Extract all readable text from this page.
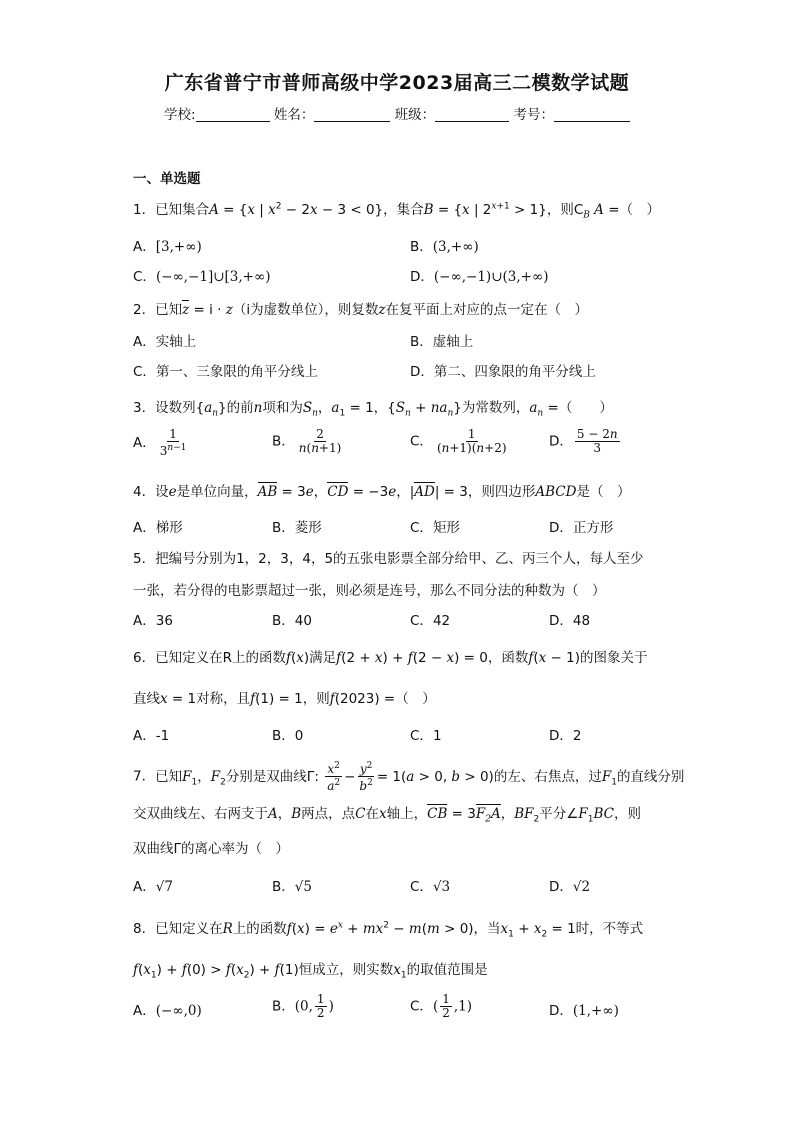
广东省普宁市普师高级中学2023届高三二模数学试题
学校:	姓名：	班级：	考号：
一、单选题
1．已知集合A = {x | $x^2 - 2x - 3 < 0$}，集合B = {x | $2^{x+1} > 1$}，则$C_B$ A =（　）
A．[3,+∞)	B．(3,+∞)
C．(−∞,−1]∪[3,+∞)	D．(−∞,−1)∪(3,+∞)
2．已知z = i · z（i为虚数单位），则复数z在复平面上对应的点一定在（　）
A．实轴上	B．虚轴上
C．第一、三象限的角平分线上	D．第二、四象限的角平分线上
3．设数列$\{a_n\}$的前n项和为$S_n$，$a_1 = 1$，$\{S_n + na_n\}$为常数列，$a_n$ =（　　）
A． $\frac{1}{3^{n-1}}$	B． $\frac{2}{n(n+1)}$	C． $\frac{1}{(n+1)(n+2)}$	D． $\frac{5 - 2n}{3}$
4．设e是单位向量，AB = 3e，CD = −3e，|AD| = 3，则四边形ABCD是（　）
A．梯形	B．菱形	C．矩形	D．正方形
5．把编号分别为1，2，3，4，5的五张电影票全部分给甲、乙、丙三个人，每人至少
一张，若分得的电影票超过一张，则必须是连号，那么不同分法的种数为（　）
A．36	B．40	C．42	D．48
6．已知定义在R上的函数f(x)满足f(2 + x) + f(2 − x) = 0，函数f(x − 1)的图象关于
直线x = 1对称，且f(1) = 1，则f(2023) =（　）
A．-1	B．0	C．1	D．2
7．已知$F_1$，$F_2$分别是双曲线Γ: $\frac{x^2}{a^2} - \frac{y^2}{b^2} = 1(a > 0$, b > 0)的左、右焦点，过$F_1$的直线分别
交双曲线左、右两支于A，B两点，点C在x轴上，CB = $3F_2A$，$BF_2$平分$\angle F_1BC$，则
双曲线Γ的离心率为（　）
A．√7	B．√5	C．√3	D．√2
8．已知定义在R上的函数$f(x) = e^x + mx^2 - m(m > 0)$，当$x_1 + x_2 = 1$时，不等式
$f(x_1) + f(0) > f(x_2) + f(1)$恒成立，则实数$x_1$的取值范围是
A．(−∞,0)	B．(0, $\frac{1}{2}$ )	C．( $\frac{1}{2} ,1$)	D．(1,+∞)
